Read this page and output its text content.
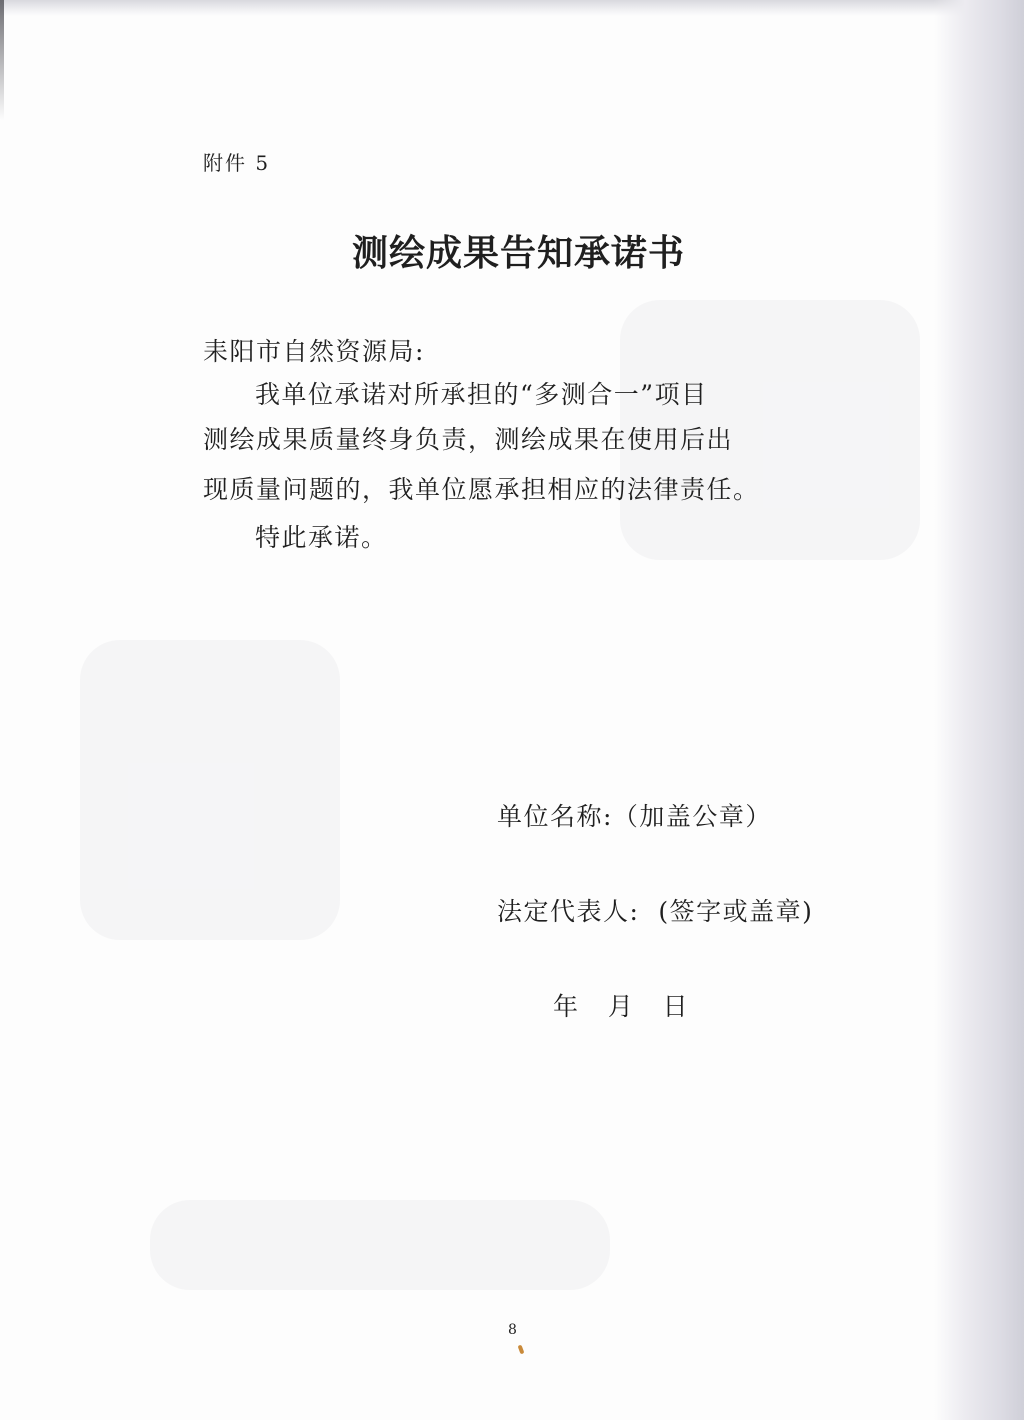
附件 5

测绘成果告知承诺书

耒阳市自然资源局:

我单位承诺对所承担的“多测合一”项目

测绘成果质量终身负责，测绘成果在使用后出

现质量问题的，我单位愿承担相应的法律责任。

特此承诺。

单位名称:（加盖公章）

法定代表人:  (签字或盖章)

年   月   日

8
